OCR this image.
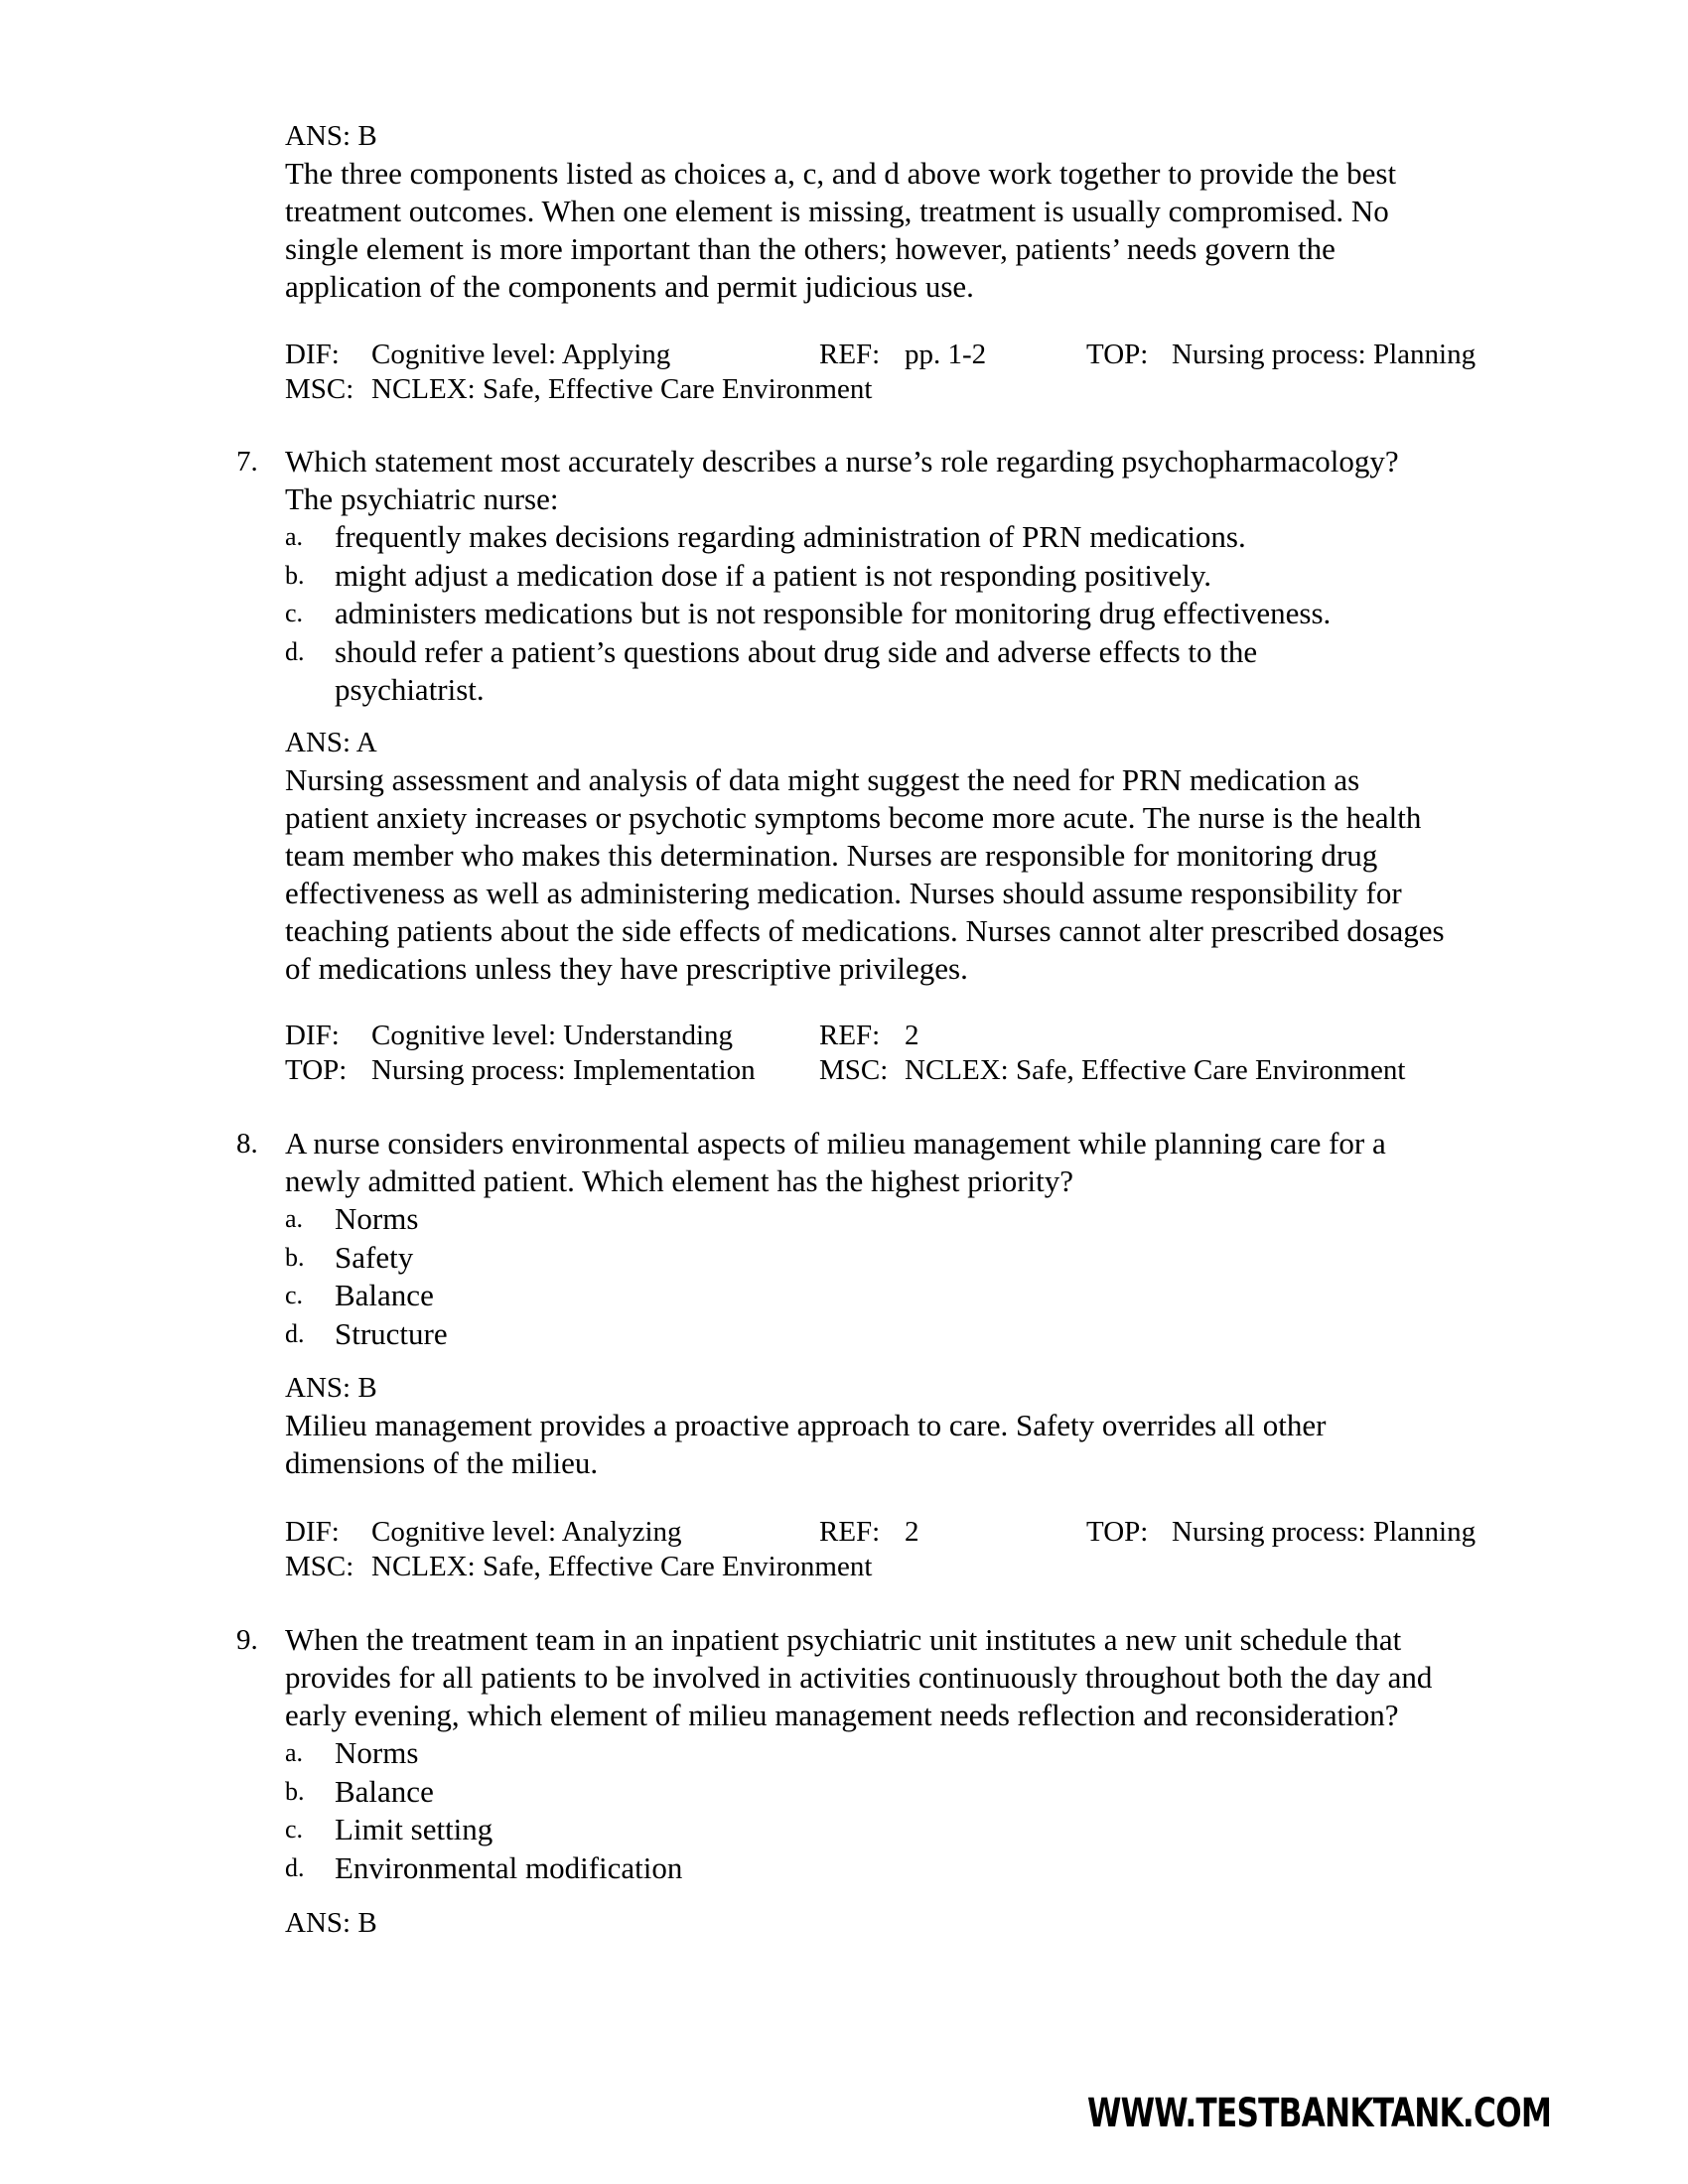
ANS: B
The three components listed as choices a, c, and d above work together to provide the best
treatment outcomes. When one element is missing, treatment is usually compromised. No
single element is more important than the others; however, patients’ needs govern the
application of the components and permit judicious use.
DIF: Cognitive level: Applying	REF: pp. 1-2	TOP: Nursing process: Planning
MSC: NCLEX: Safe, Effective Care Environment
7. Which statement most accurately describes a nurse’s role regarding psychopharmacology?
The psychiatric nurse:
a. frequently makes decisions regarding administration of PRN medications.
b. might adjust a medication dose if a patient is not responding positively.
c. administers medications but is not responsible for monitoring drug effectiveness.
d. should refer a patient’s questions about drug side and adverse effects to the
psychiatrist.
ANS: A
Nursing assessment and analysis of data might suggest the need for PRN medication as
patient anxiety increases or psychotic symptoms become more acute. The nurse is the health
team member who makes this determination. Nurses are responsible for monitoring drug
effectiveness as well as administering medication. Nurses should assume responsibility for
teaching patients about the side effects of medications. Nurses cannot alter prescribed dosages
of medications unless they have prescriptive privileges.
DIF: Cognitive level: Understanding	REF: 2
TOP: Nursing process: Implementation MSC: NCLEX: Safe, Effective Care Environment
8. A nurse considers environmental aspects of milieu management while planning care for a
newly admitted patient. Which element has the highest priority?
a. Norms
b. Safety
c. Balance
d. Structure
ANS: B
Milieu management provides a proactive approach to care. Safety overrides all other
dimensions of the milieu.
DIF: Cognitive level: Analyzing	REF: 2	TOP: Nursing process: Planning
MSC: NCLEX: Safe, Effective Care Environment
9. When the treatment team in an inpatient psychiatric unit institutes a new unit schedule that
provides for all patients to be involved in activities continuously throughout both the day and
early evening, which element of milieu management needs reflection and reconsideration?
a. Norms
b. Balance
c. Limit setting
d. Environmental modification
ANS: B
WWW.TESTBANKTANK.COM
